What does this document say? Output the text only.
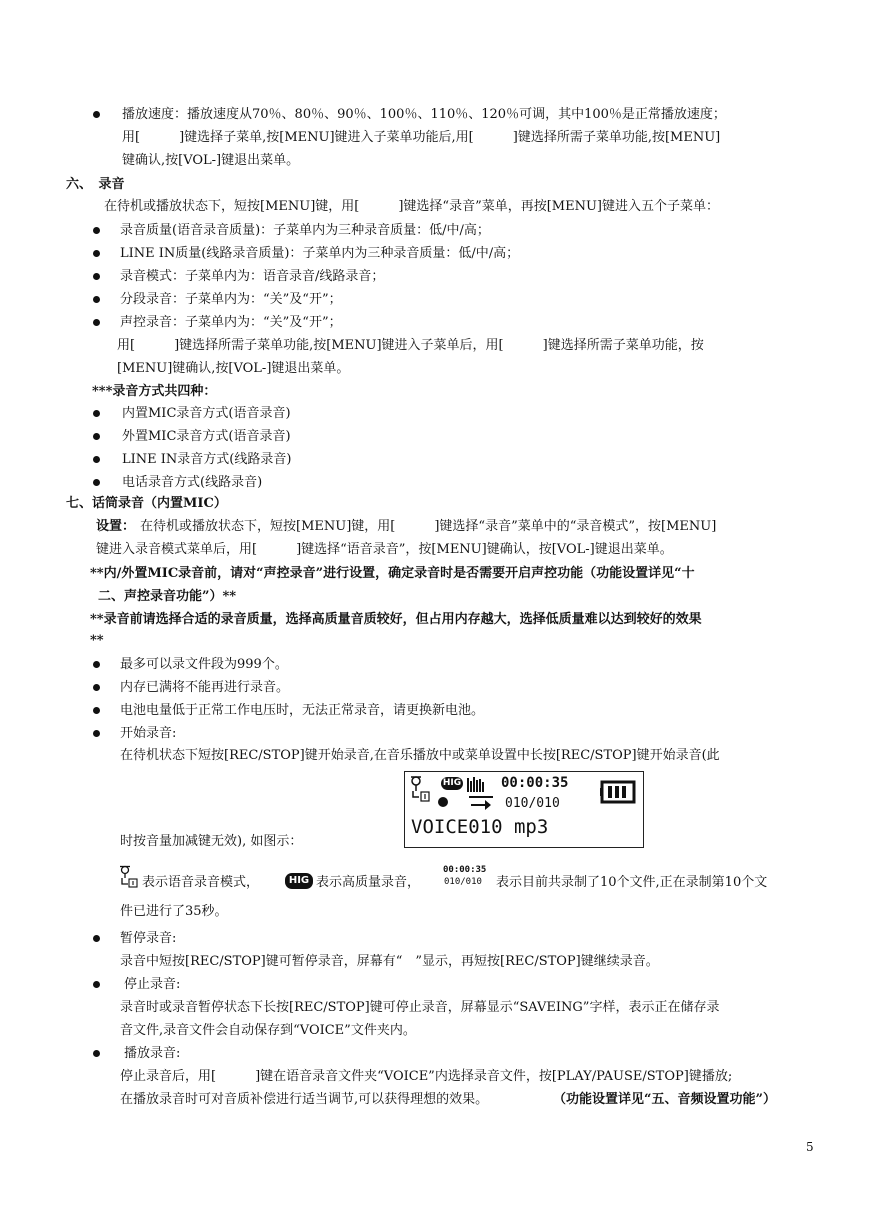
播放速度：播放速度从70％、80％、90％、100％、110％、120％可调，其中100％是正常播放速度；
用[　　　]键选择子菜单,按[MENU]键进入子菜单功能后,用[　　　]键选择所需子菜单功能,按[MENU]
键确认,按[VOL-]键退出菜单。
六、　录音
在待机或播放状态下，短按[MENU]键，用[　　　]键选择“录音”菜单，再按[MENU]键进入五个子菜单：
录音质量(语音录音质量)：子菜单内为三种录音质量：低/中/高；
LINE IN质量(线路录音质量)：子菜单内为三种录音质量：低/中/高；
录音模式：子菜单内为：语音录音/线路录音；
分段录音：子菜单内为：“关”及“开”；
声控录音：子菜单内为：“关”及“开”；
用[　　　]键选择所需子菜单功能,按[MENU]键进入子菜单后，用[　　　]键选择所需子菜单功能，按
[MENU]键确认,按[VOL-]键退出菜单。
***录音方式共四种：
内置MIC录音方式(语音录音)
外置MIC录音方式(语音录音)
LINE IN录音方式(线路录音)
电话录音方式(线路录音)
七、话筒录音（内置MIC）
设置： 在待机或播放状态下，短按[MENU]键，用[　　　]键选择“录音”菜单中的“录音模式”，按[MENU]
键进入录音模式菜单后，用[　　　]键选择“语音录音”，按[MENU]键确认，按[VOL-]键退出菜单。
**内/外置MIC录音前，请对“声控录音”进行设置，确定录音时是否需要开启声控功能（功能设置详见“十
二、声控录音功能”）**
**录音前请选择合适的录音质量，选择高质量音质较好，但占用内存越大，选择低质量难以达到较好的效果
**
最多可以录文件段为999个。
内存已满将不能再进行录音。
电池电量低于正常工作电压时，无法正常录音，请更换新电池。
开始录音:
在待机状态下短按[REC/STOP]键开始录音,在音乐播放中或菜单设置中长按[REC/STOP]键开始录音(此
时按音量加减键无效), 如图示：
HIG	00:00:35
010/010
VOICE010 mp3
表示语音录音模式，	HIG 表示高质量录音，
00:00:35
010/010 表示目前共录制了10个文件,正在录制第10个文
件已进行了35秒。
暂停录音:
录音中短按[REC/STOP]键可暂停录音，屏幕有“　”显示，再短按[REC/STOP]键继续录音。
停止录音:
录音时或录音暂停状态下长按[REC/STOP]键可停止录音，屏幕显示“SAVEING”字样，表示正在储存录
音文件,录音文件会自动保存到“VOICE”文件夹内。
播放录音:
停止录音后，用[　　　]键在语音录音文件夹“VOICE”内选择录音文件，按[PLAY/PAUSE/STOP]键播放;
在播放录音时可对音质补偿进行适当调节,可以获得理想的效果。	（功能设置详见“五、音频设置功能”）
5
